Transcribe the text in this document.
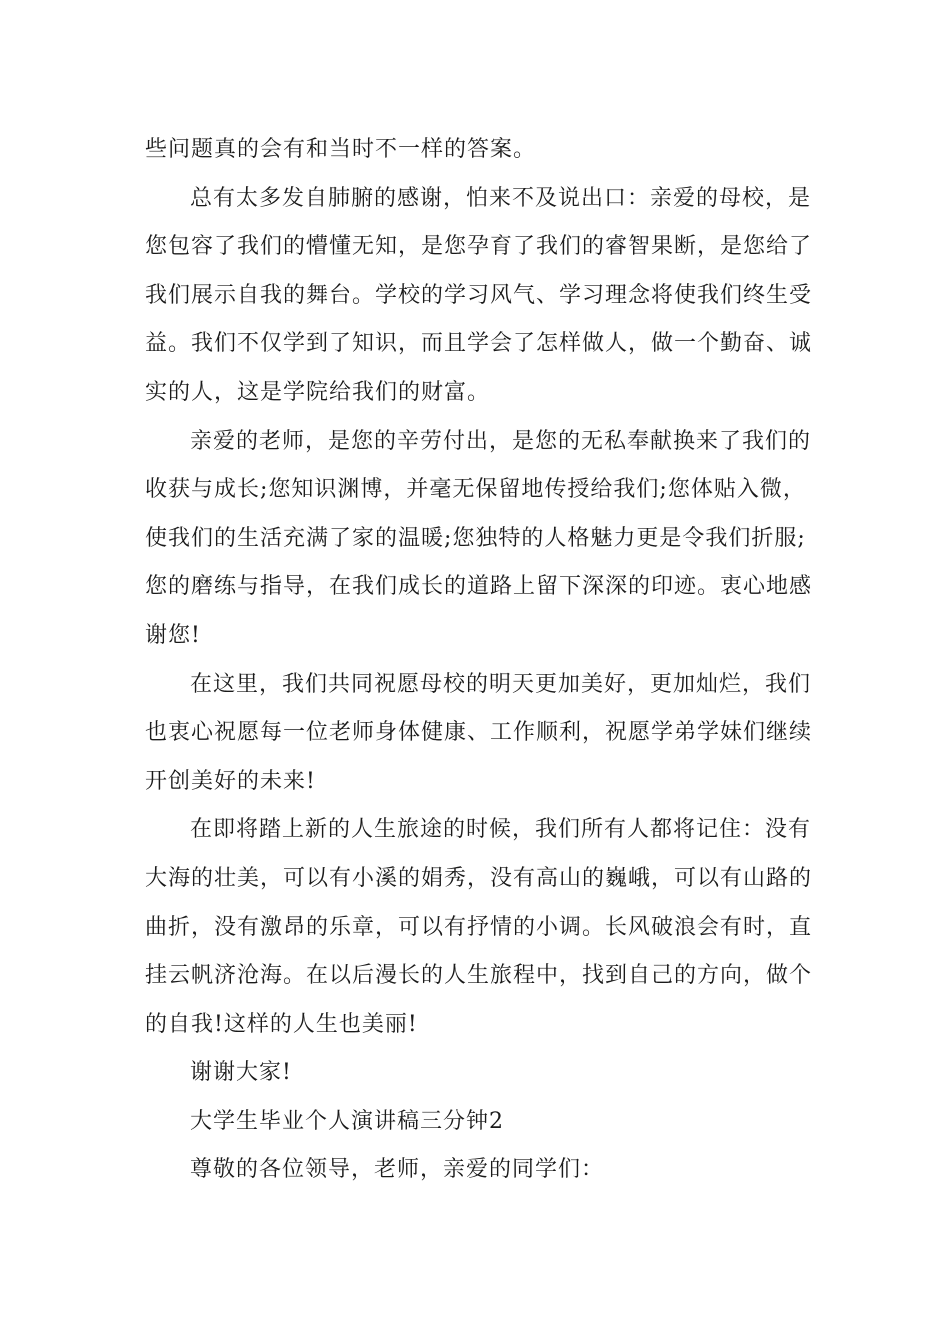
些问题真的会有和当时不一样的答案。
总有太多发自肺腑的感谢，怕来不及说出口：亲爱的母校，是
您包容了我们的懵懂无知，是您孕育了我们的睿智果断，是您给了
我们展示自我的舞台。学校的学习风气、学习理念将使我们终生受
益。我们不仅学到了知识，而且学会了怎样做人，做一个勤奋、诚
实的人，这是学院给我们的财富。
亲爱的老师，是您的辛劳付出，是您的无私奉献换来了我们的
收获与成长;您知识渊博，并毫无保留地传授给我们;您体贴入微，
使我们的生活充满了家的温暖;您独特的人格魅力更是令我们折服;
您的磨练与指导，在我们成长的道路上留下深深的印迹。衷心地感
谢您!
在这里，我们共同祝愿母校的明天更加美好，更加灿烂，我们
也衷心祝愿每一位老师身体健康、工作顺利，祝愿学弟学妹们继续
开创美好的未来!
在即将踏上新的人生旅途的时候，我们所有人都将记住：没有
大海的壮美，可以有小溪的娟秀，没有高山的巍峨，可以有山路的
曲折，没有激昂的乐章，可以有抒情的小调。长风破浪会有时，直
挂云帆济沧海。在以后漫长的人生旅程中，找到自己的方向，做个
的自我!这样的人生也美丽!
谢谢大家!
大学生毕业个人演讲稿三分钟2
尊敬的各位领导，老师，亲爱的同学们：
